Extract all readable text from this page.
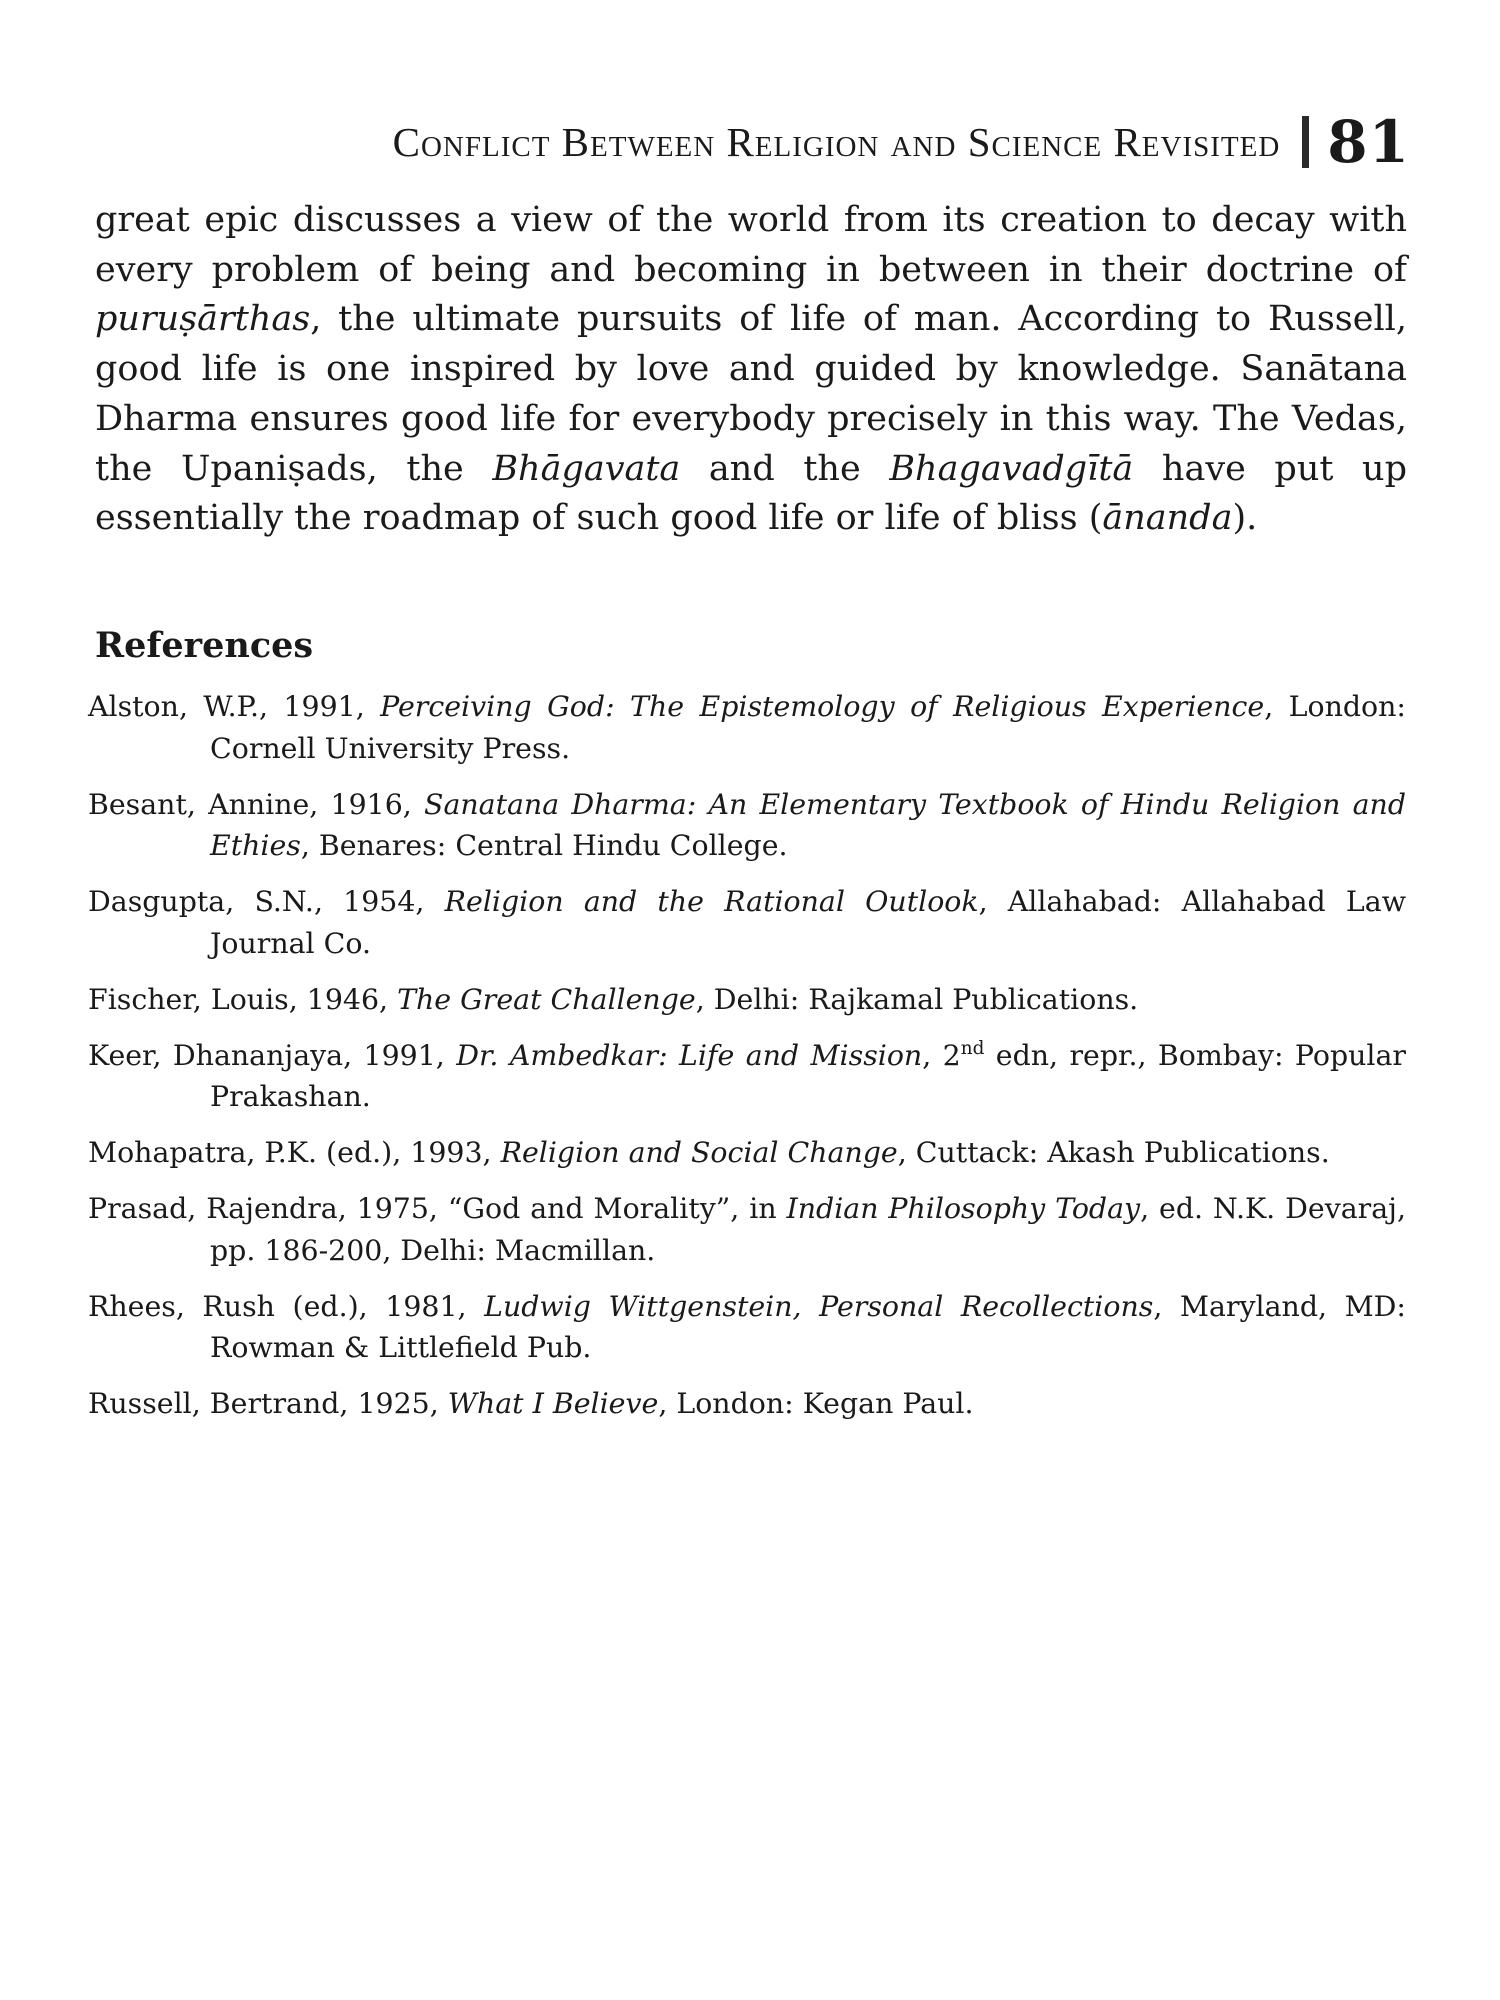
Conflict Between Religion and Science Revisited 81

great epic discusses a view of the world from its creation to decay with every problem of being and becoming in between in their doctrine of puruṣārthas, the ultimate pursuits of life of man. According to Russell, good life is one inspired by love and guided by knowledge. Sanātana Dharma ensures good life for everybody precisely in this way. The Vedas, the Upaniṣads, the Bhāgavata and the Bhagavadgītā have put up essentially the roadmap of such good life or life of bliss (ānanda).

References
Alston, W.P., 1991, Perceiving God: The Epistemology of Religious Experience, London: Cornell University Press.
Besant, Annine, 1916, Sanatana Dharma: An Elementary Textbook of Hindu Religion and Ethies, Benares: Central Hindu College.
Dasgupta, S.N., 1954, Religion and the Rational Outlook, Allahabad: Allahabad Law Journal Co.
Fischer, Louis, 1946, The Great Challenge, Delhi: Rajkamal Publications.
Keer, Dhananjaya, 1991, Dr. Ambedkar: Life and Mission, 2nd edn, repr., Bombay: Popular Prakashan.
Mohapatra, P.K. (ed.), 1993, Religion and Social Change, Cuttack: Akash Publications.
Prasad, Rajendra, 1975, “God and Morality”, in Indian Philosophy Today, ed. N.K. Devaraj, pp. 186-200, Delhi: Macmillan.
Rhees, Rush (ed.), 1981, Ludwig Wittgenstein, Personal Recollections, Maryland, MD: Rowman & Littlefield Pub.
Russell, Bertrand, 1925, What I Believe, London: Kegan Paul.
